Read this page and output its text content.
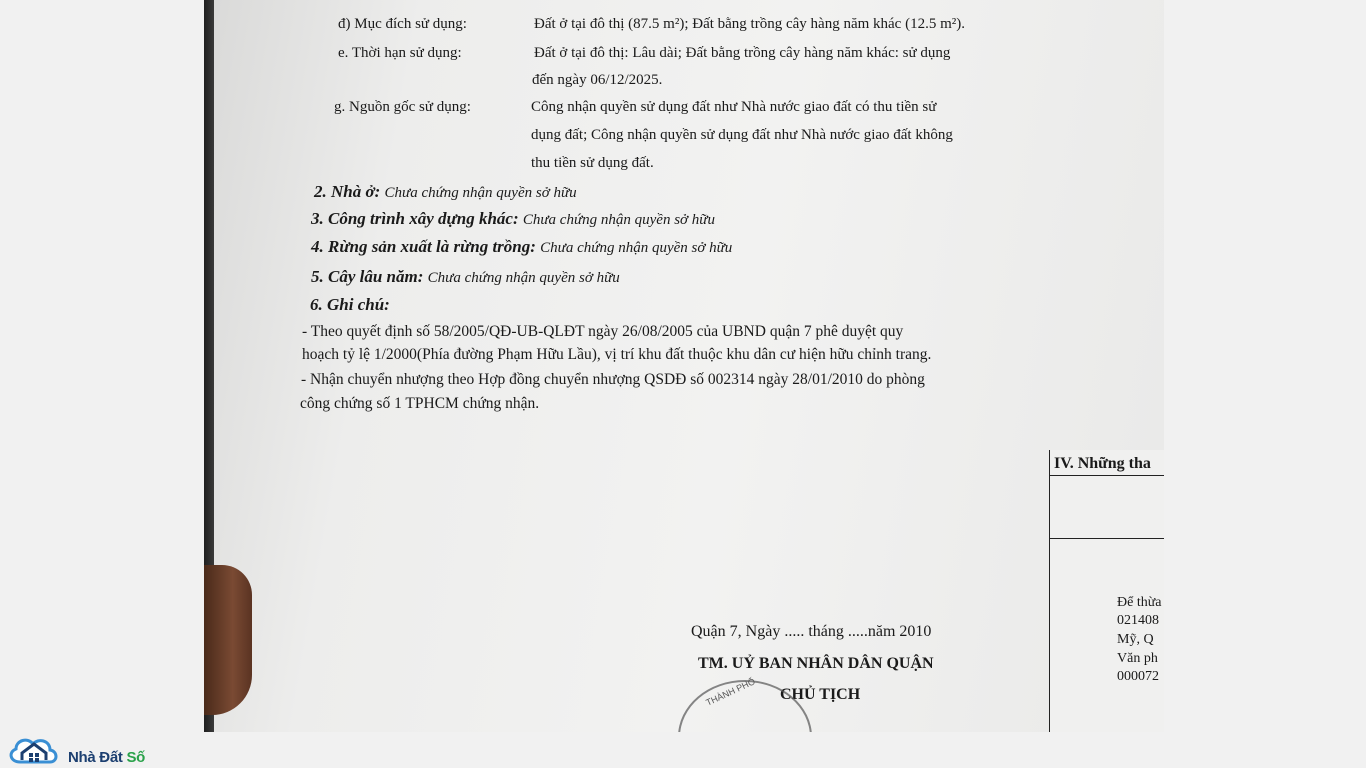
đ) Mục đích sử dụng:	Đất ở tại đô thị (87.5 m²); Đất bằng trồng cây hàng năm khác (12.5 m²).
e. Thời hạn sử dụng:	Đất ở tại đô thị: Lâu dài; Đất bằng trồng cây hàng năm khác: sử dụng
đến ngày 06/12/2025.
g. Nguồn gốc sử dụng:	Công nhận quyền sử dụng đất như Nhà nước giao đất có thu tiền sử
dụng đất; Công nhận quyền sử dụng đất như Nhà nước giao đất không
thu tiền sử dụng đất.
2. Nhà ở: Chưa chứng nhận quyền sở hữu
3. Công trình xây dựng khác: Chưa chứng nhận quyền sở hữu
4. Rừng sản xuất là rừng trồng: Chưa chứng nhận quyền sở hữu
5. Cây lâu năm: Chưa chứng nhận quyền sở hữu
6. Ghi chú:
- Theo quyết định số 58/2005/QĐ-UB-QLĐT ngày 26/08/2005 của UBND quận 7 phê duyệt quy
hoạch tỷ lệ 1/2000(Phía đường Phạm Hữu Lầu), vị trí khu đất thuộc khu dân cư hiện hữu chỉnh trang.
- Nhận chuyển nhượng theo Hợp đồng chuyển nhượng QSDĐ số 002314 ngày 28/01/2010 do phòng
công chứng số 1 TPHCM chứng nhận.
Quận 7, Ngày ..... tháng .....năm 2010
TM. UỶ BAN NHÂN DÂN QUẬN
CHỦ TỊCH
THÀNH PHỐ
IV. Những tha
Để thừa
021408
Mỹ, Q
Văn ph
000072
Nhà Đất Số
